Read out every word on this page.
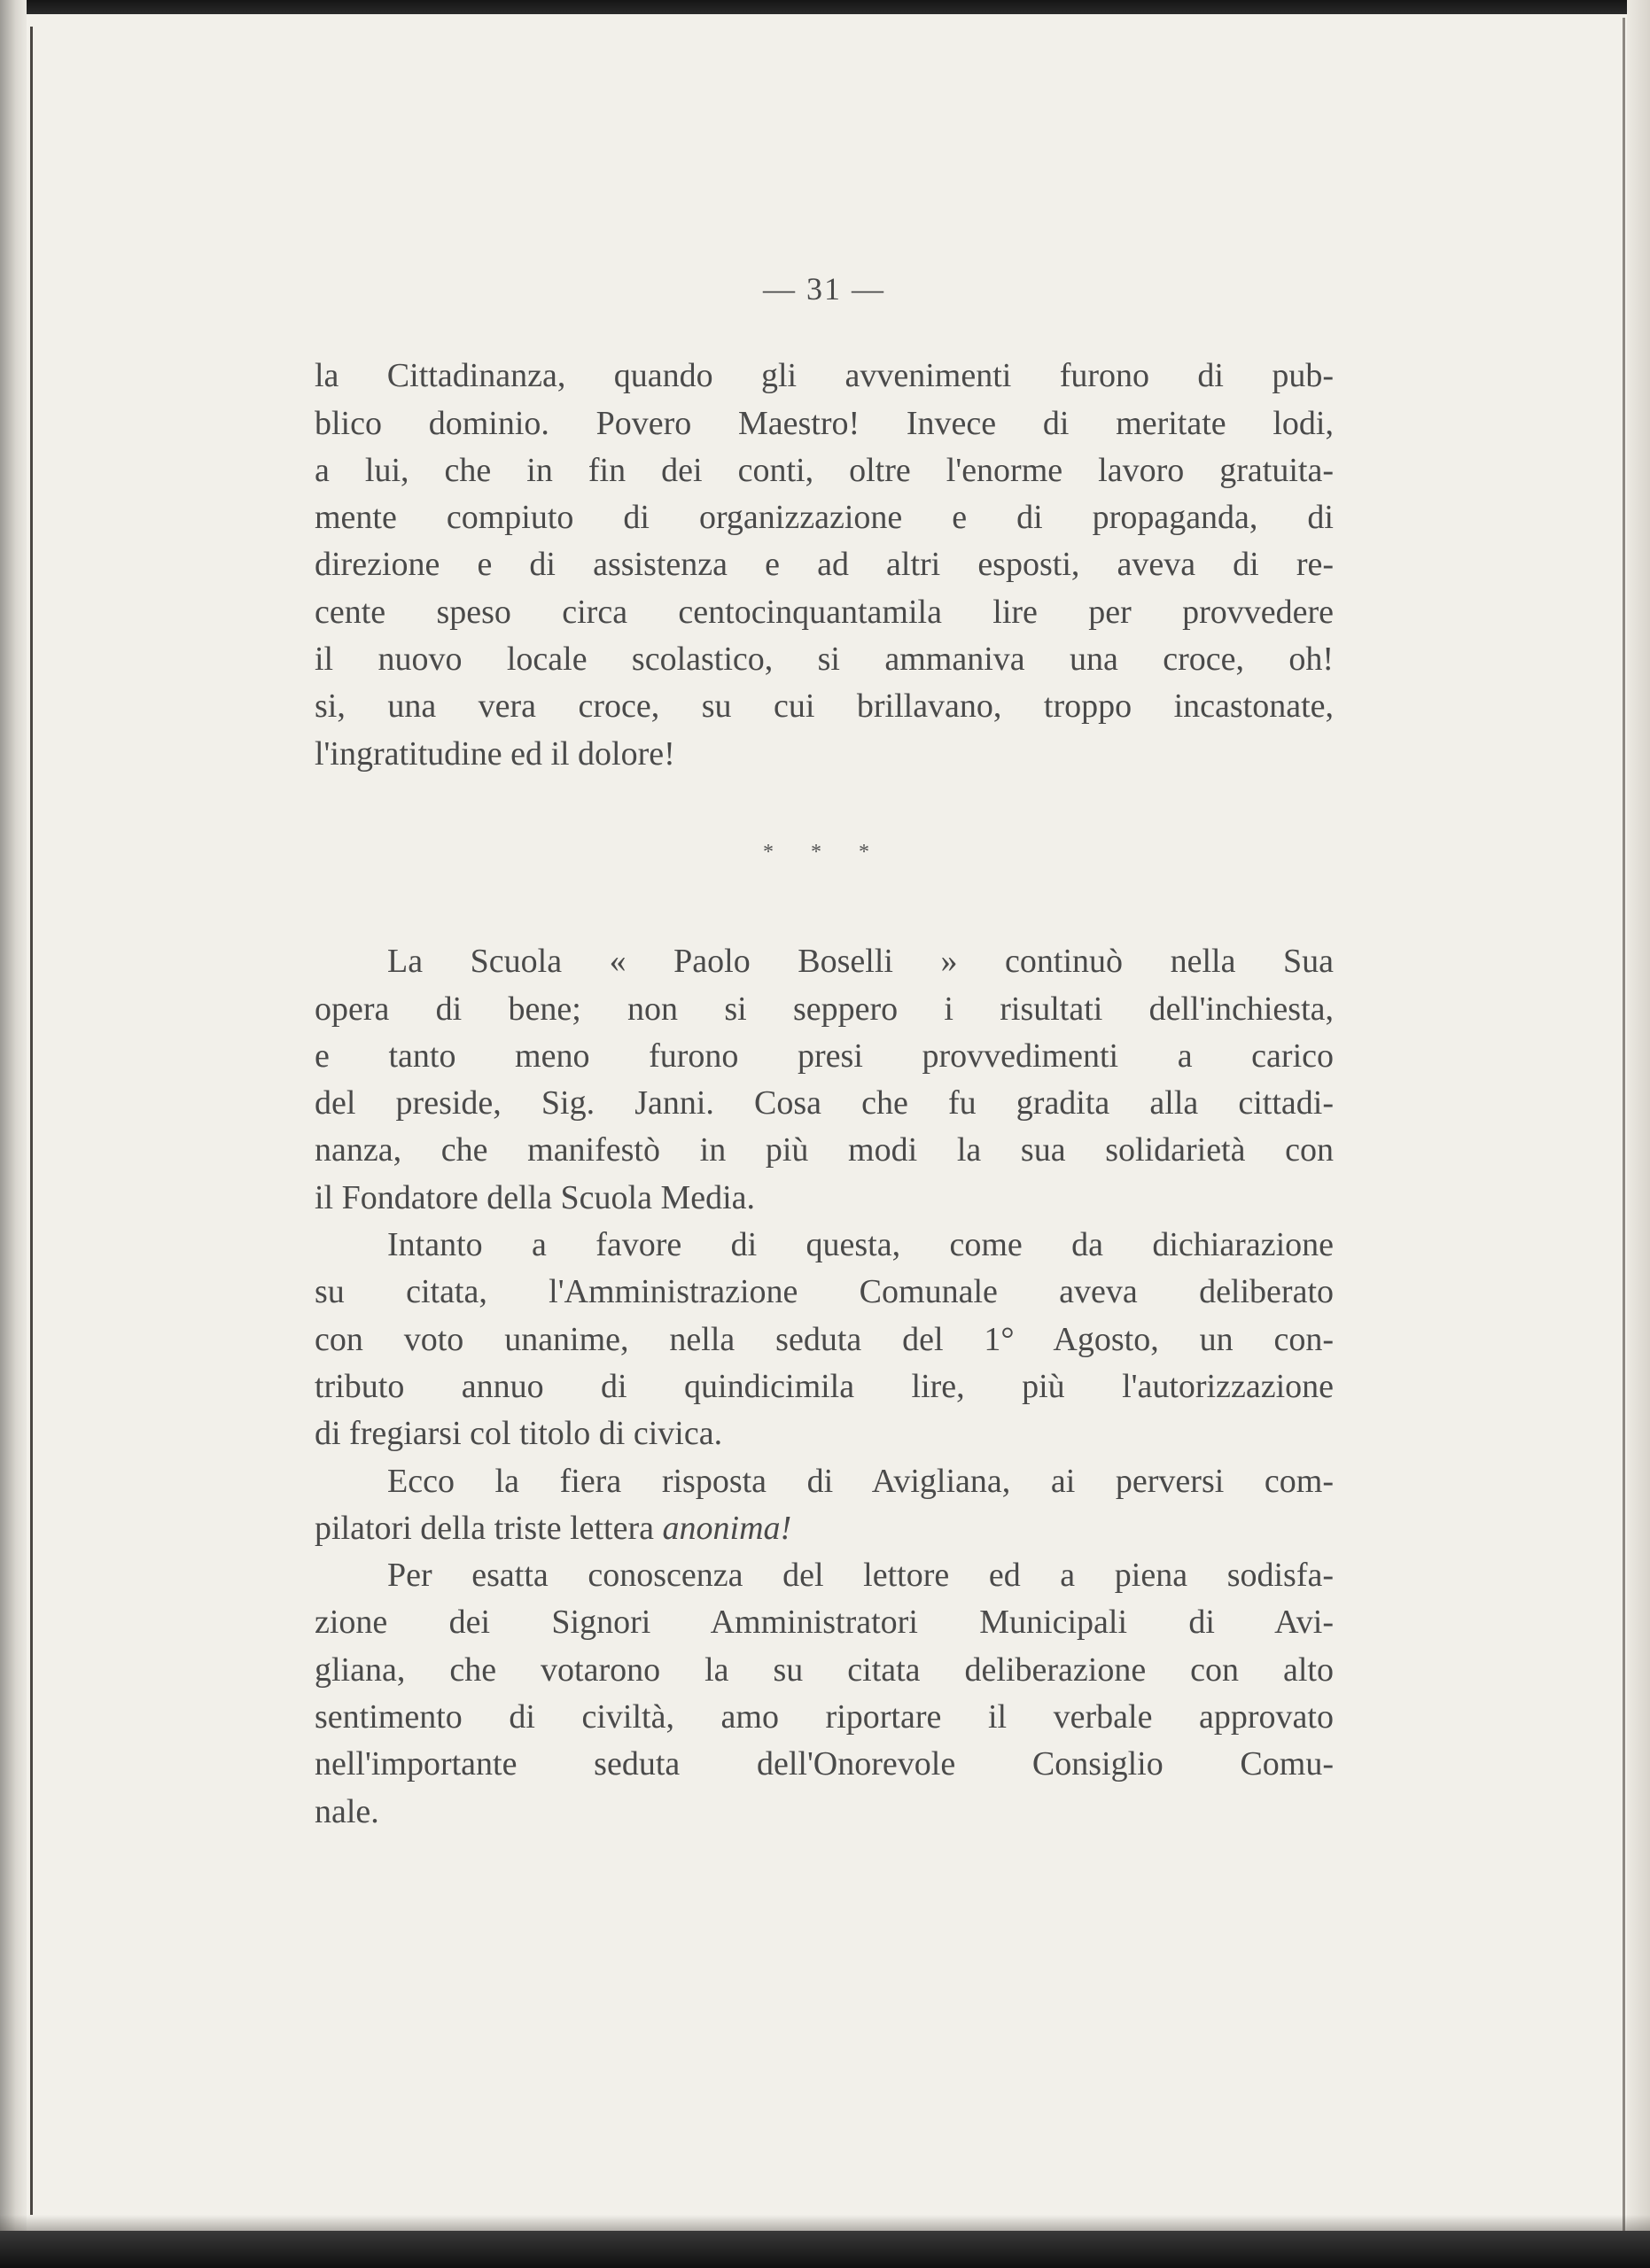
— 31 —
la Cittadinanza, quando gli avvenimenti furono di pub-
blico dominio. Povero Maestro! Invece di meritate lodi,
a lui, che in fin dei conti, oltre l'enorme lavoro gratuita-
mente compiuto di organizzazione e di propaganda, di
direzione e di assistenza e ad altri esposti, aveva di re-
cente speso circa centocinquantamila lire per provvedere
il nuovo locale scolastico, si ammaniva una croce, oh!
si, una vera croce, su cui brillavano, troppo incastonate,
l'ingratitudine ed il dolore!
* * *
La Scuola « Paolo Boselli » continuò nella Sua
opera di bene; non si seppero i risultati dell'inchiesta,
e tanto meno furono presi provvedimenti a carico
del preside, Sig. Janni. Cosa che fu gradita alla cittadi-
nanza, che manifestò in più modi la sua solidarietà con
il Fondatore della Scuola Media.
Intanto a favore di questa, come da dichiarazione
su citata, l'Amministrazione Comunale aveva deliberato
con voto unanime, nella seduta del 1° Agosto, un con-
tributo annuo di quindicimila lire, più l'autorizzazione
di fregiarsi col titolo di civica.
Ecco la fiera risposta di Avigliana, ai perversi com-
pilatori della triste lettera anonima!
Per esatta conoscenza del lettore ed a piena sodisfa-
zione dei Signori Amministratori Municipali di Avi-
gliana, che votarono la su citata deliberazione con alto
sentimento di civiltà, amo riportare il verbale approvato
nell'importante seduta dell'Onorevole Consiglio Comu-
nale.
